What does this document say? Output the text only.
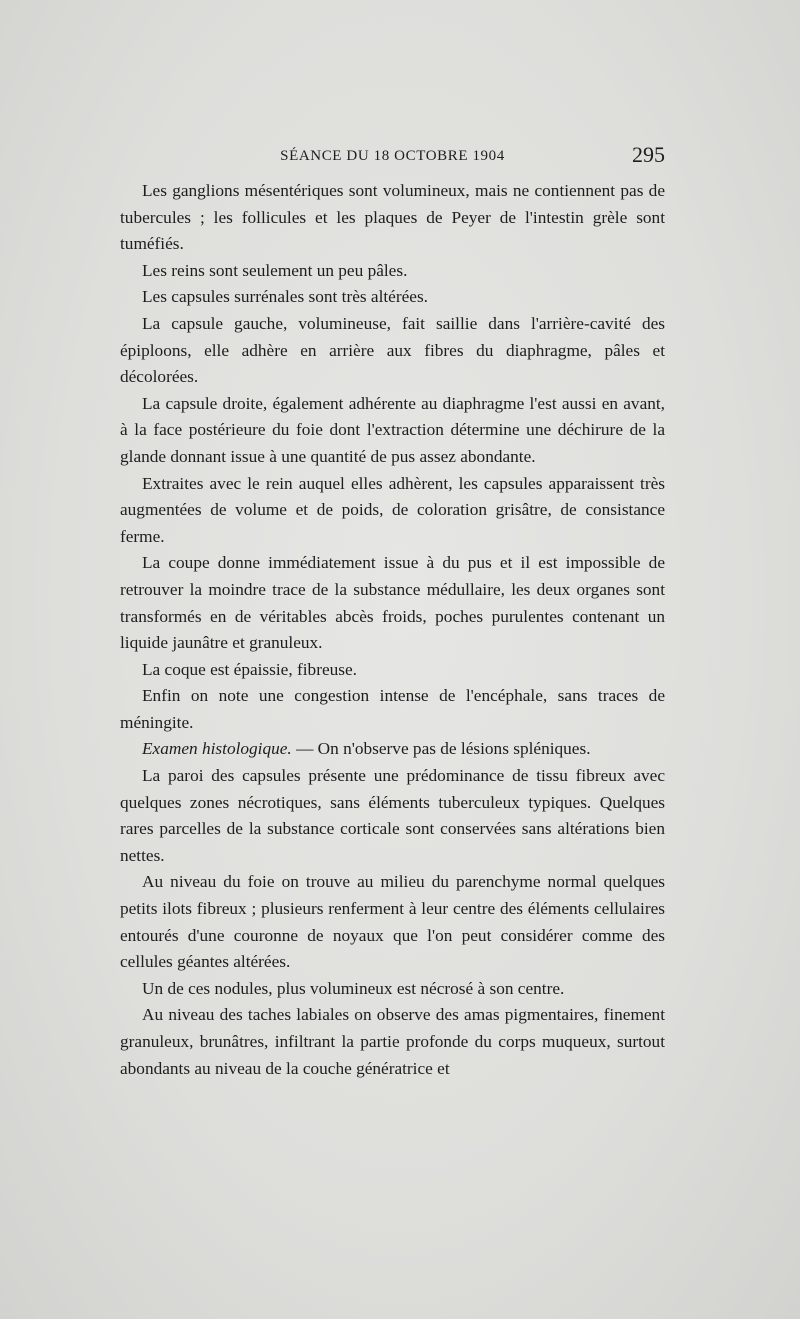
SÉANCE DU 18 OCTOBRE 1904	295

Les ganglions mésentériques sont volumineux, mais ne contiennent pas de tubercules ; les follicules et les plaques de Peyer de l'intestin grèle sont tuméfiés.

Les reins sont seulement un peu pâles.

Les capsules surrénales sont très altérées.

La capsule gauche, volumineuse, fait saillie dans l'arrière-cavité des épiploons, elle adhère en arrière aux fibres du diaphragme, pâles et décolorées.

La capsule droite, également adhérente au diaphragme l'est aussi en avant, à la face postérieure du foie dont l'extraction détermine une déchirure de la glande donnant issue à une quantité de pus assez abondante.

Extraites avec le rein auquel elles adhèrent, les capsules apparaissent très augmentées de volume et de poids, de coloration grisâtre, de consistance ferme.

La coupe donne immédiatement issue à du pus et il est impossible de retrouver la moindre trace de la substance médullaire, les deux organes sont transformés en de véritables abcès froids, poches purulentes contenant un liquide jaunâtre et granuleux.

La coque est épaissie, fibreuse.

Enfin on note une congestion intense de l'encéphale, sans traces de méningite.

Examen histologique. — On n'observe pas de lésions spléniques.

La paroi des capsules présente une prédominance de tissu fibreux avec quelques zones nécrotiques, sans éléments tuberculeux typiques. Quelques rares parcelles de la substance corticale sont conservées sans altérations bien nettes.

Au niveau du foie on trouve au milieu du parenchyme normal quelques petits ilots fibreux ; plusieurs renferment à leur centre des éléments cellulaires entourés d'une couronne de noyaux que l'on peut considérer comme des cellules géantes altérées.

Un de ces nodules, plus volumineux est nécrosé à son centre.

Au niveau des taches labiales on observe des amas pigmentaires, finement granuleux, brunâtres, infiltrant la partie profonde du corps muqueux, surtout abondants au niveau de la couche génératrice et
